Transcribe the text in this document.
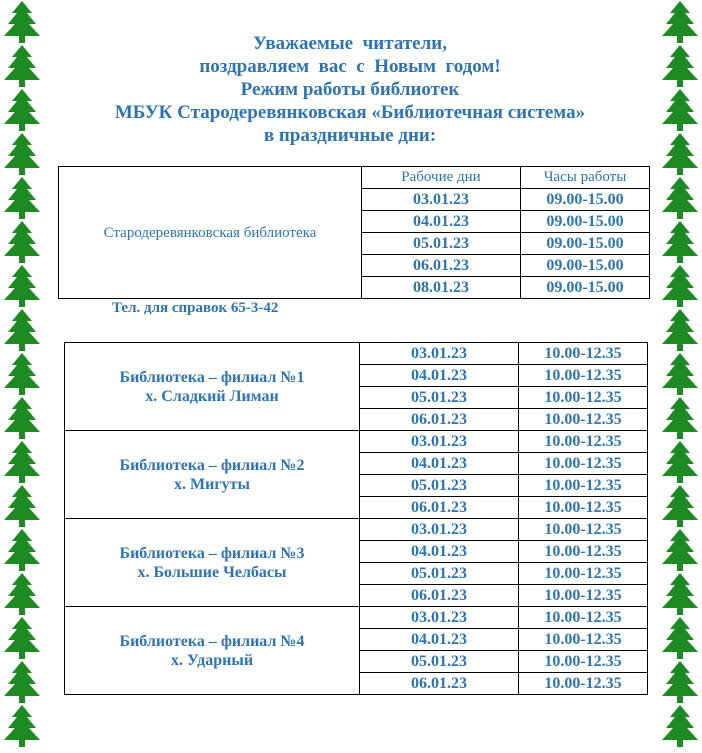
Уважаемые  читатели,
поздравляем  вас  с  Новым  годом!
Режим работы библиотек
МБУК Стародеревянковская «Библиотечная система»
в праздничные дни:
Стародеревянковская библиотека	Рабочие дни	Часы работы
	03.01.23	09.00-15.00
	04.01.23	09.00-15.00
	05.01.23	09.00-15.00
	06.01.23	09.00-15.00
	08.01.23	09.00-15.00
Тел. для справок 65-3-42
Библиотека – филиал №1
х. Сладкий Лиман	03.01.23	10.00-12.35
	04.01.23	10.00-12.35
	05.01.23	10.00-12.35
	06.01.23	10.00-12.35

Библиотека – филиал №2
х. Мигуты	03.01.23	10.00-12.35
	04.01.23	10.00-12.35
	05.01.23	10.00-12.35
	06.01.23	10.00-12.35

Библиотека – филиал №3
х. Большие Челбасы	03.01.23	10.00-12.35
	04.01.23	10.00-12.35
	05.01.23	10.00-12.35
	06.01.23	10.00-12.35

Библиотека – филиал №4
х. Ударный	03.01.23	10.00-12.35
	04.01.23	10.00-12.35
	05.01.23	10.00-12.35
	06.01.23	10.00-12.35
